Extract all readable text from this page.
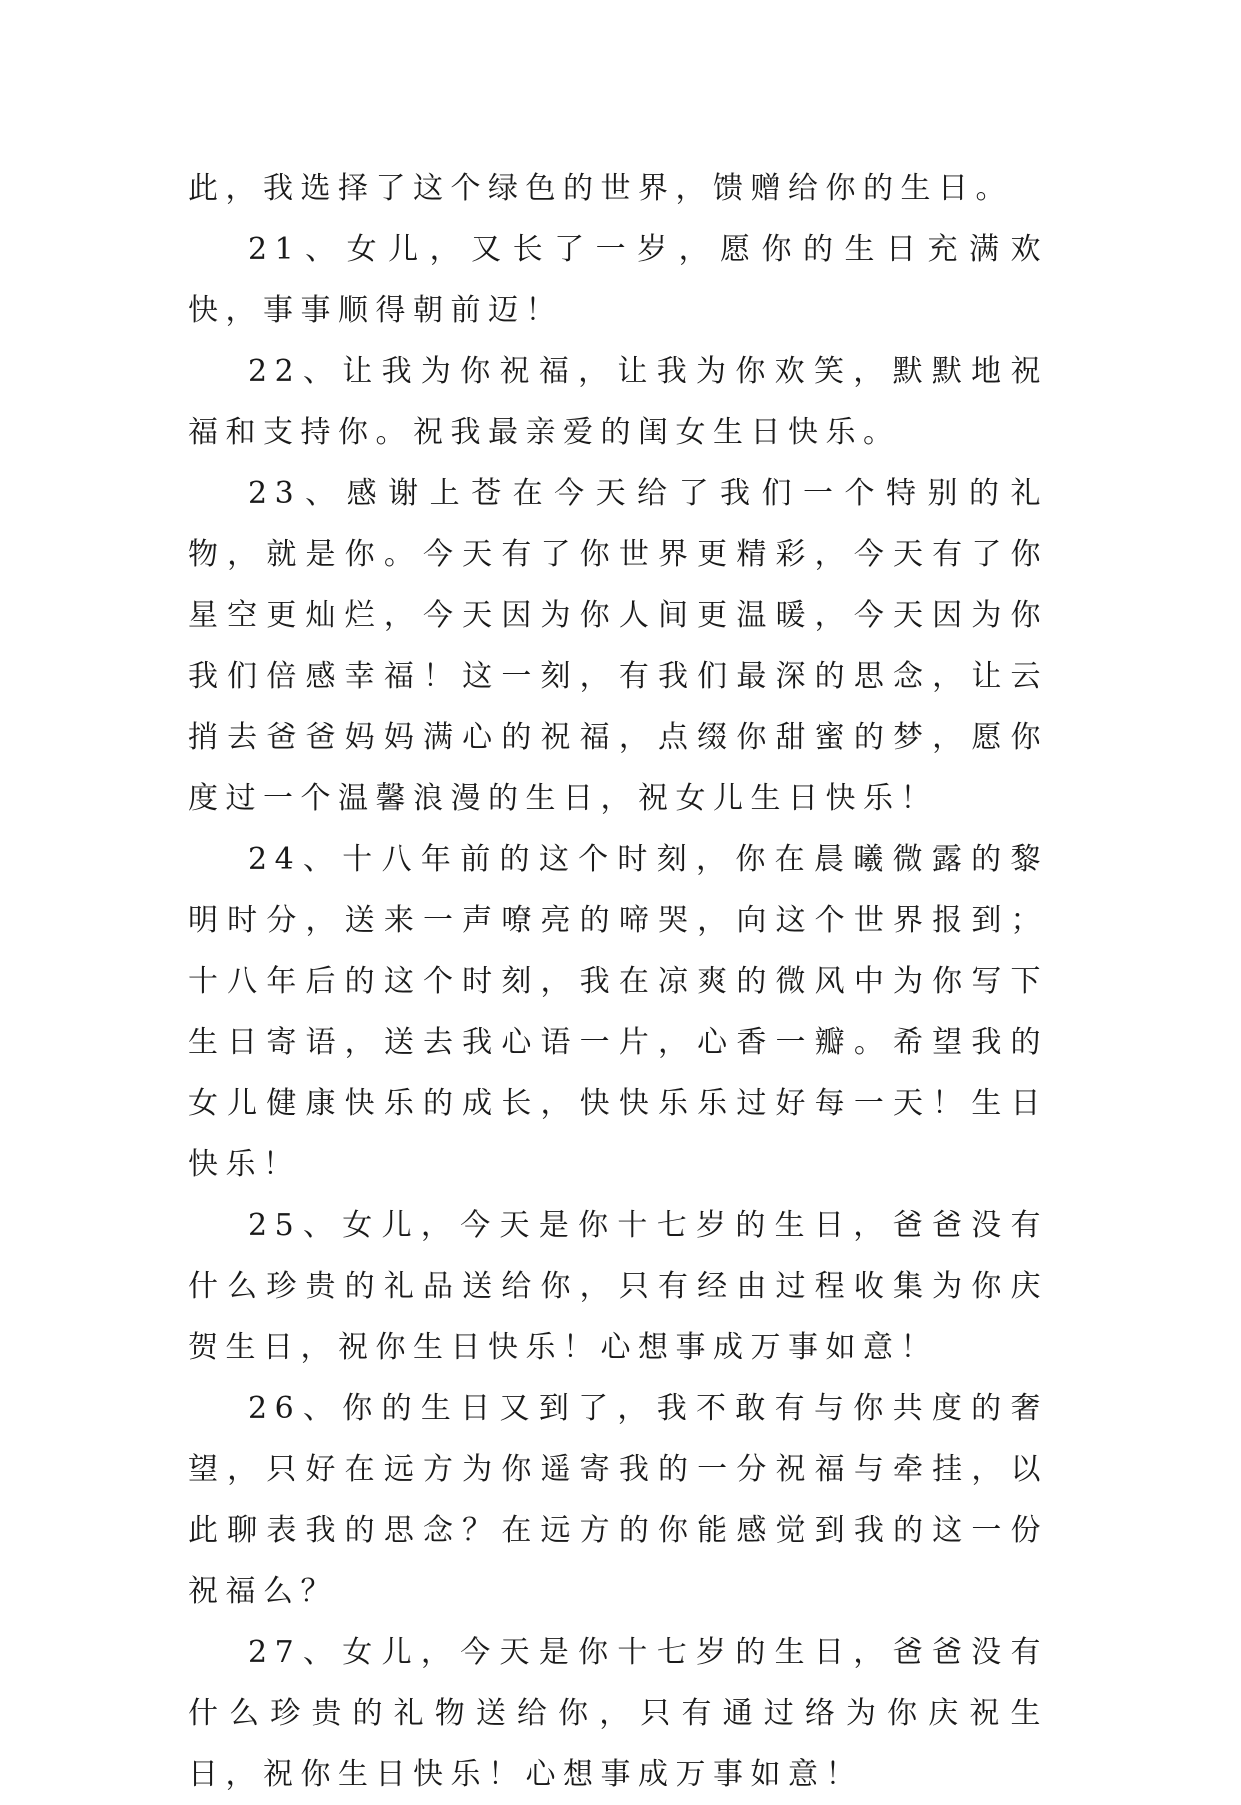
此，我选择了这个绿色的世界，馈赠给你的生日。

21、女儿，又长了一岁，愿你的生日充满欢快，事事顺得朝前迈！

22、让我为你祝福，让我为你欢笑，默默地祝福和支持你。祝我最亲爱的闺女生日快乐。

23、感谢上苍在今天给了我们一个特别的礼物，就是你。今天有了你世界更精彩，今天有了你星空更灿烂，今天因为你人间更温暖，今天因为你我们倍感幸福！这一刻，有我们最深的思念，让云捎去爸爸妈妈满心的祝福，点缀你甜蜜的梦，愿你度过一个温馨浪漫的生日，祝女儿生日快乐！

24、十八年前的这个时刻，你在晨曦微露的黎明时分，送来一声嘹亮的啼哭，向这个世界报到；十八年后的这个时刻，我在凉爽的微风中为你写下生日寄语，送去我心语一片，心香一瓣。希望我的女儿健康快乐的成长，快快乐乐过好每一天！生日快乐！

25、女儿，今天是你十七岁的生日，爸爸没有什么珍贵的礼品送给你，只有经由过程收集为你庆贺生日，祝你生日快乐！心想事成万事如意！

26、你的生日又到了，我不敢有与你共度的奢望，只好在远方为你遥寄我的一分祝福与牵挂，以此聊表我的思念？在远方的你能感觉到我的这一份祝福么？

27、女儿，今天是你十七岁的生日，爸爸没有什么珍贵的礼物送给你，只有通过络为你庆祝生日，祝你生日快乐！心想事成万事如意！
